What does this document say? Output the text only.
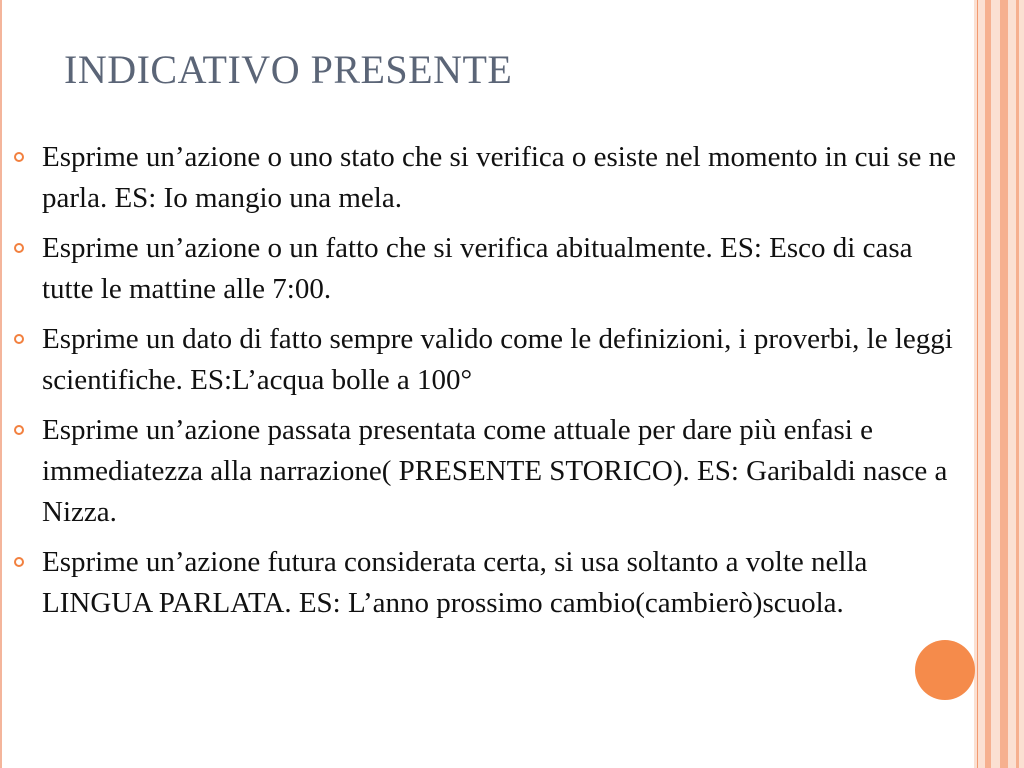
INDICATIVO PRESENTE
Esprime un’azione o uno stato che si verifica o esiste nel momento in cui se ne parla. ES: Io mangio una mela.
Esprime un’azione o un fatto che si verifica abitualmente. ES: Esco di casa tutte le mattine alle 7:00.
Esprime un dato di fatto sempre valido come le definizioni, i proverbi, le leggi scientifiche. ES:L’acqua bolle a 100°
Esprime un’azione passata presentata come attuale per dare più enfasi e immediatezza alla narrazione( PRESENTE STORICO). ES: Garibaldi nasce a Nizza.
Esprime un’azione futura considerata certa, si usa soltanto a volte nella LINGUA PARLATA. ES: L’anno prossimo cambio(cambierò)scuola.
